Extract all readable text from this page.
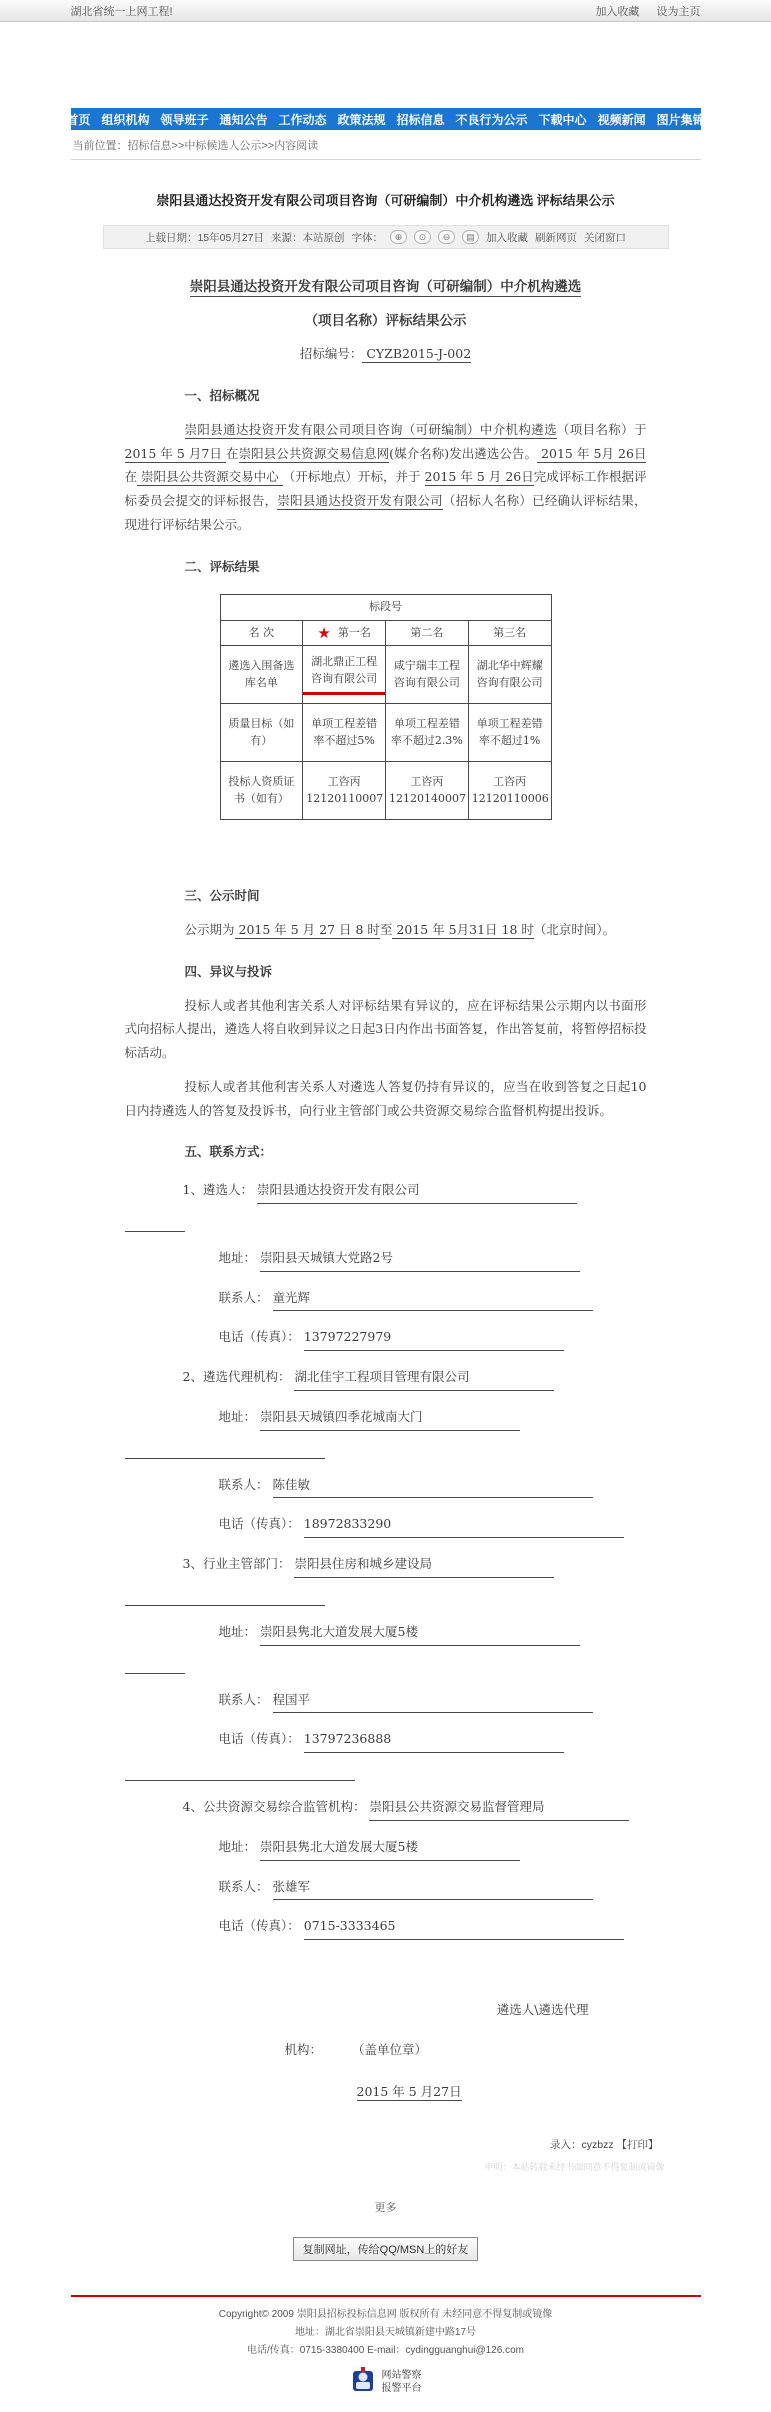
湖北省统一上网工程!	加入收藏 设为主页
首页 组织机构 领导班子 通知公告 工作动态 政策法规 招标信息 不良行为公示 下载中心 视频新闻 图片集锦
当前位置：招标信息>>中标候选人公示>>内容阅读
崇阳县通达投资开发有限公司项目咨询（可研编制）中介机构遴选 评标结果公示
上载日期：15年05月27日 来源：本站原创 字体：	⊕	⊙	⊖	▤	加入收藏 刷新网页 关闭窗口
崇阳县通达投资开发有限公司项目咨询（可研编制）中介机构遴选
（项目名称）评标结果公示
招标编号： CYZB2015-J-002
一、招标概况

崇阳县通达投资开发有限公司项目咨询（可研编制）中介机构遴选（项目名称）于 2015 年 5 月7日 在崇阳县公共资源交易信息网(媒介名称)发出遴选公告。 2015 年 5月 26日 在 崇阳县公共资源交易中心 （开标地点）开标，并于 2015 年 5 月 26日完成评标工作根据评标委员会提交的评标报告，崇阳县通达投资开发有限公司（招标人名称）已经确认评标结果，现进行评标结果公示。

二、评标结果
标段号			
名 次	★ 第一名	第二名	第三名
遴选入围备选库名单	湖北鼎正工程咨询有限公司	咸宁瑞丰工程咨询有限公司	湖北华中辉耀咨询有限公司
质量目标（如有）	单项工程差错率不超过5%	单项工程差错率不超过2.3%	单项工程差错率不超过1%
投标人资质证书（如有）	工咨丙12120110007	工咨丙12120140007	工咨丙12120110006
三、公示时间

公示期为 2015 年 5 月 27 日 8 时至 2015 年 5月31日 18 时（北京时间）。

四、异议与投诉

投标人或者其他利害关系人对评标结果有异议的，应在评标结果公示期内以书面形式向招标人提出，遴选人将自收到异议之日起3日内作出书面答复，作出答复前，将暂停招标投标活动。

投标人或者其他利害关系人对遴选人答复仍持有异议的，应当在收到答复之日起10日内持遴选人的答复及投诉书，向行业主管部门或公共资源交易综合监督机构提出投诉。

五、联系方式：
1、遴选人： 崇阳县通达投资开发有限公司
地址： 崇阳县天城镇大党路2号
联系人： 童光辉
电话（传真）： 13797227979
2、遴选代理机构： 湖北佳宇工程项目管理有限公司
地址： 崇阳县天城镇四季花城南大门
联系人： 陈佳敏
电话（传真）： 18972833290
3、行业主管部门： 崇阳县住房和城乡建设局
地址： 崇阳县隽北大道发展大厦5楼
联系人： 程国平
电话（传真）： 13797236888
4、公共资源交易综合监管机构： 崇阳县公共资源交易监督管理局
地址： 崇阳县隽北大道发展大厦5楼
联系人： 张雄军
电话（传真）： 0715-3333465
遴选人\遴选代理
机构： （盖单位章）
2015 年 5 月27日
录入：cyzbzz 【打印】
申明：本站转载未经书面同意不得复制或镜像
更多
复制网址，传给QQ/MSN上的好友
Copyright© 2009 崇阳县招标投标信息网 版权所有 未经同意不得复制或镜像
地址：湖北省崇阳县天城镇新建中路17号
电话/传真：0715-3380400 E-mail：cydingguanghui@126.com
网站警察
报警平台
